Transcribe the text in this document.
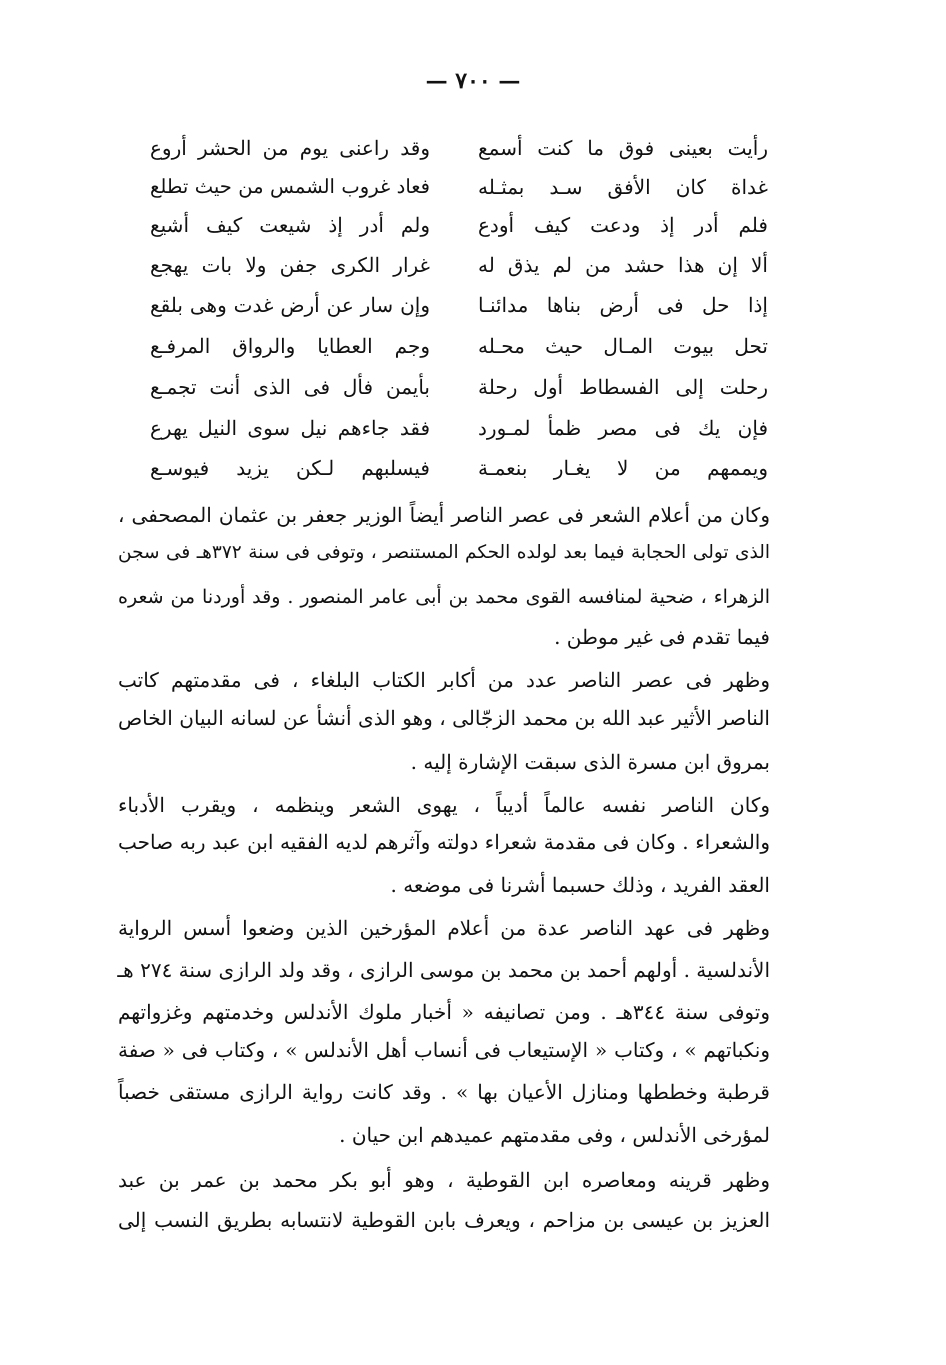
— ٧٠٠ —
رأيت بعينى فوق ما كنت أسمع
وقد راعنى يوم من الحشر أروع
غداة كان الأفق سـد بمثـله
فعاد غروب الشمس من حيث تطلع
فلم أدر إذ ودعت كيف أودع
ولم أدر إذ شيعت كيف أشيع
ألا إن هذا حشد من لم يذق له
غرار الكرى جفن ولا بات يهجع
إذا حل فى أرض بناها مدائنـا
وإن سار عن أرض غدت وهى بلقع
تحل بيوت المـال حيث محـله
وجم العطايا والرواق المرفـع
رحلت إلى الفسطاط أول رحلة
بأيمن فأل فى الذى أنت تجمـع
فإن يك فى مصر ظمأ لمـورد
فقد جاءهم نيل سوى النيل يهرع
ويممهم من لا يغـار بنعمـة
فيسلبهم لـكن يزيد فيوسـع
وكان من أعلام الشعر فى عصر الناصر أيضاً الوزير جعفر بن عثمان المصحفى ،
الذى تولى الحجابة فيما بعد لولده الحكم المستنصر ، وتوفى فى سنة ٣٧٢هـ فى سجن
الزهراء ، ضحية لمنافسه القوى محمد بن أبى عامر المنصور . وقد أوردنا من شعره
فيما تقدم فى غير موطن .
وظهر فى عصر الناصر عدد من أكابر الكتاب البلغاء ، فى مقدمتهم كاتب
الناصر الأثير عبد الله بن محمد الزجّالى ، وهو الذى أنشأ عن لسانه البيان الخاص
بمروق ابن مسرة الذى سبقت الإشارة إليه .
وكان الناصر نفسه عالماً أديباً ، يهوى الشعر وينظمه ، ويقرب الأدباء
والشعراء . وكان فى مقدمة شعراء دولته وآثرهم لديه الفقيه ابن عبد ربه صاحب
العقد الفريد ، وذلك حسبما أشرنا فى موضعه .
وظهر فى عهد الناصر عدة من أعلام المؤرخين الذين وضعوا أسس الرواية
الأندلسية . أولهم أحمد بن محمد بن موسى الرازى ، وقد ولد الرازى سنة ٢٧٤ هـ
وتوفى سنة ٣٤٤هـ . ومن تصانيفه « أخبار ملوك الأندلس وخدمتهم وغزواتهم
ونكباتهم » ، وكتاب « الإستيعاب فى أنساب أهل الأندلس » ، وكتاب فى « صفة
قرطبة وخططها ومنازل الأعيان بها » . وقد كانت رواية الرازى مستقى خصباً
لمؤرخى الأندلس ، وفى مقدمتهم عميدهم ابن حيان .
وظهر قرينه ومعاصره ابن القوطية ، وهو أبو بكر محمد بن عمر بن عبد
العزيز بن عيسى بن مزاحم ، ويعرف بابن القوطية لانتسابه بطريق النسب إلى
